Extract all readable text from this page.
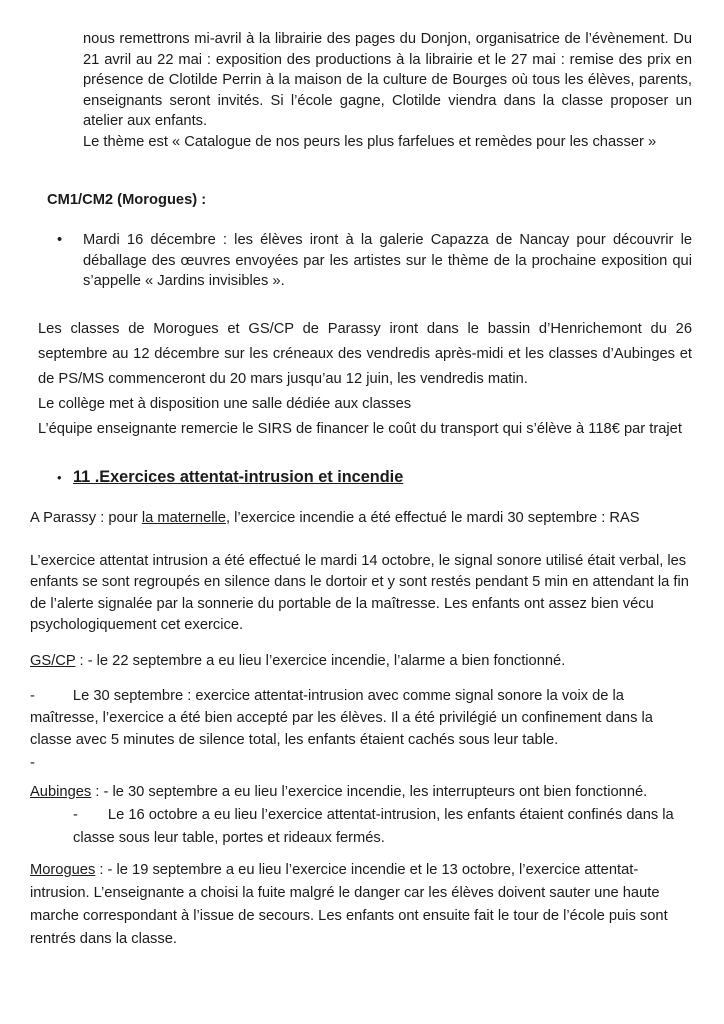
nous remettrons mi-avril à la librairie des pages du Donjon, organisatrice de l’évènement. Du 21 avril au 22 mai : exposition des productions à la librairie et le 27 mai : remise des prix en présence de Clotilde Perrin à la maison de la culture de Bourges où tous les élèves, parents, enseignants seront invités. Si l’école gagne, Clotilde viendra dans la classe proposer un atelier aux enfants.

Le thème est « Catalogue de nos peurs les plus farfelues et remèdes pour les chasser »

CM1/CM2 (Morogues) :

•	Mardi 16 décembre : les élèves iront à la galerie Capazza de Nancay pour découvrir le déballage des œuvres envoyées par les artistes sur le thème de la prochaine exposition qui s’appelle « Jardins invisibles ».

Les classes de Morogues et GS/CP de Parassy iront dans le bassin d’Henrichemont du 26 septembre au 12 décembre sur les créneaux des vendredis après-midi et les classes d’Aubinges et de PS/MS commenceront du 20 mars jusqu’au 12 juin, les vendredis matin.

Le collège met à disposition une salle dédiée aux classes

L’équipe enseignante remercie le SIRS de financer le coût du transport qui s’élève à 118€ par trajet

• 11 .Exercices attentat-intrusion et incendie

A Parassy : pour la maternelle, l’exercice incendie a été effectué le mardi 30 septembre : RAS

L’exercice attentat intrusion a été effectué le mardi 14 octobre, le signal sonore utilisé était verbal, les enfants se sont regroupés en silence dans le dortoir et y sont restés pendant 5 min en attendant la fin de l’alerte signalée par la sonnerie du portable de la maîtresse. Les enfants ont assez bien vécu psychologiquement cet exercice.

GS/CP : - le 22 septembre a eu lieu l’exercice incendie, l’alarme a bien fonctionné.

-	Le 30 septembre : exercice attentat-intrusion avec comme signal sonore la voix de la maîtresse, l’exercice a été bien accepté par les élèves. Il a été privilégié un confinement dans la classe avec 5 minutes de silence total, les enfants étaient cachés sous leur table.

-

Aubinges : - le 30 septembre a eu lieu l’exercice incendie, les interrupteurs ont bien fonctionné.

- Le 16 octobre a eu lieu l’exercice attentat-intrusion, les enfants étaient confinés dans la classe sous leur table, portes et rideaux fermés.

Morogues : - le 19 septembre a eu lieu l’exercice incendie et le 13 octobre, l’exercice attentat-intrusion. L’enseignante a choisi la fuite malgré le danger car les élèves doivent sauter une haute marche correspondant à l’issue de secours. Les enfants ont ensuite fait le tour de l’école puis sont rentrés dans la classe.
